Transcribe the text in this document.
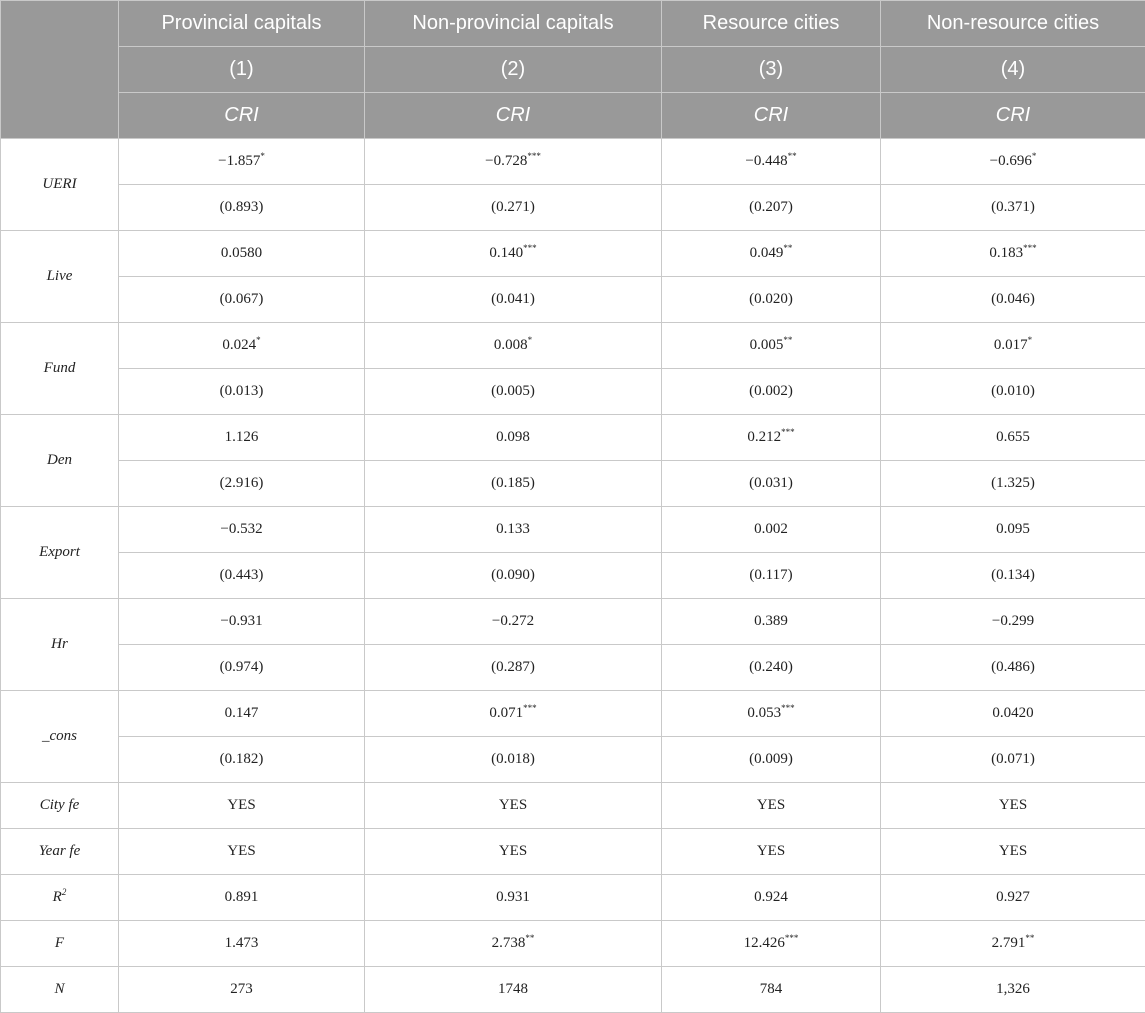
	Provincial capitals	Non-provincial capitals	Resource cities	Non-resource cities
	(1)	(2)	(3)	(4)
	CRI	CRI	CRI	CRI
UERI	−1.857*	−0.728***	−0.448**	−0.696*
	(0.893)	(0.271)	(0.207)	(0.371)
Live	0.0580	0.140***	0.049**	0.183***
	(0.067)	(0.041)	(0.020)	(0.046)
Fund	0.024*	0.008*	0.005**	0.017*
	(0.013)	(0.005)	(0.002)	(0.010)
Den	1.126	0.098	0.212***	0.655
	(2.916)	(0.185)	(0.031)	(1.325)
Export	−0.532	0.133	0.002	0.095
	(0.443)	(0.090)	(0.117)	(0.134)
Hr	−0.931	−0.272	0.389	−0.299
	(0.974)	(0.287)	(0.240)	(0.486)
_cons	0.147	0.071***	0.053***	0.0420
	(0.182)	(0.018)	(0.009)	(0.071)
City fe	YES	YES	YES	YES
Year fe	YES	YES	YES	YES
$R^2$	0.891	0.931	0.924	0.927
F	1.473	2.738**	12.426***	2.791**
N	273	1748	784	1,326
